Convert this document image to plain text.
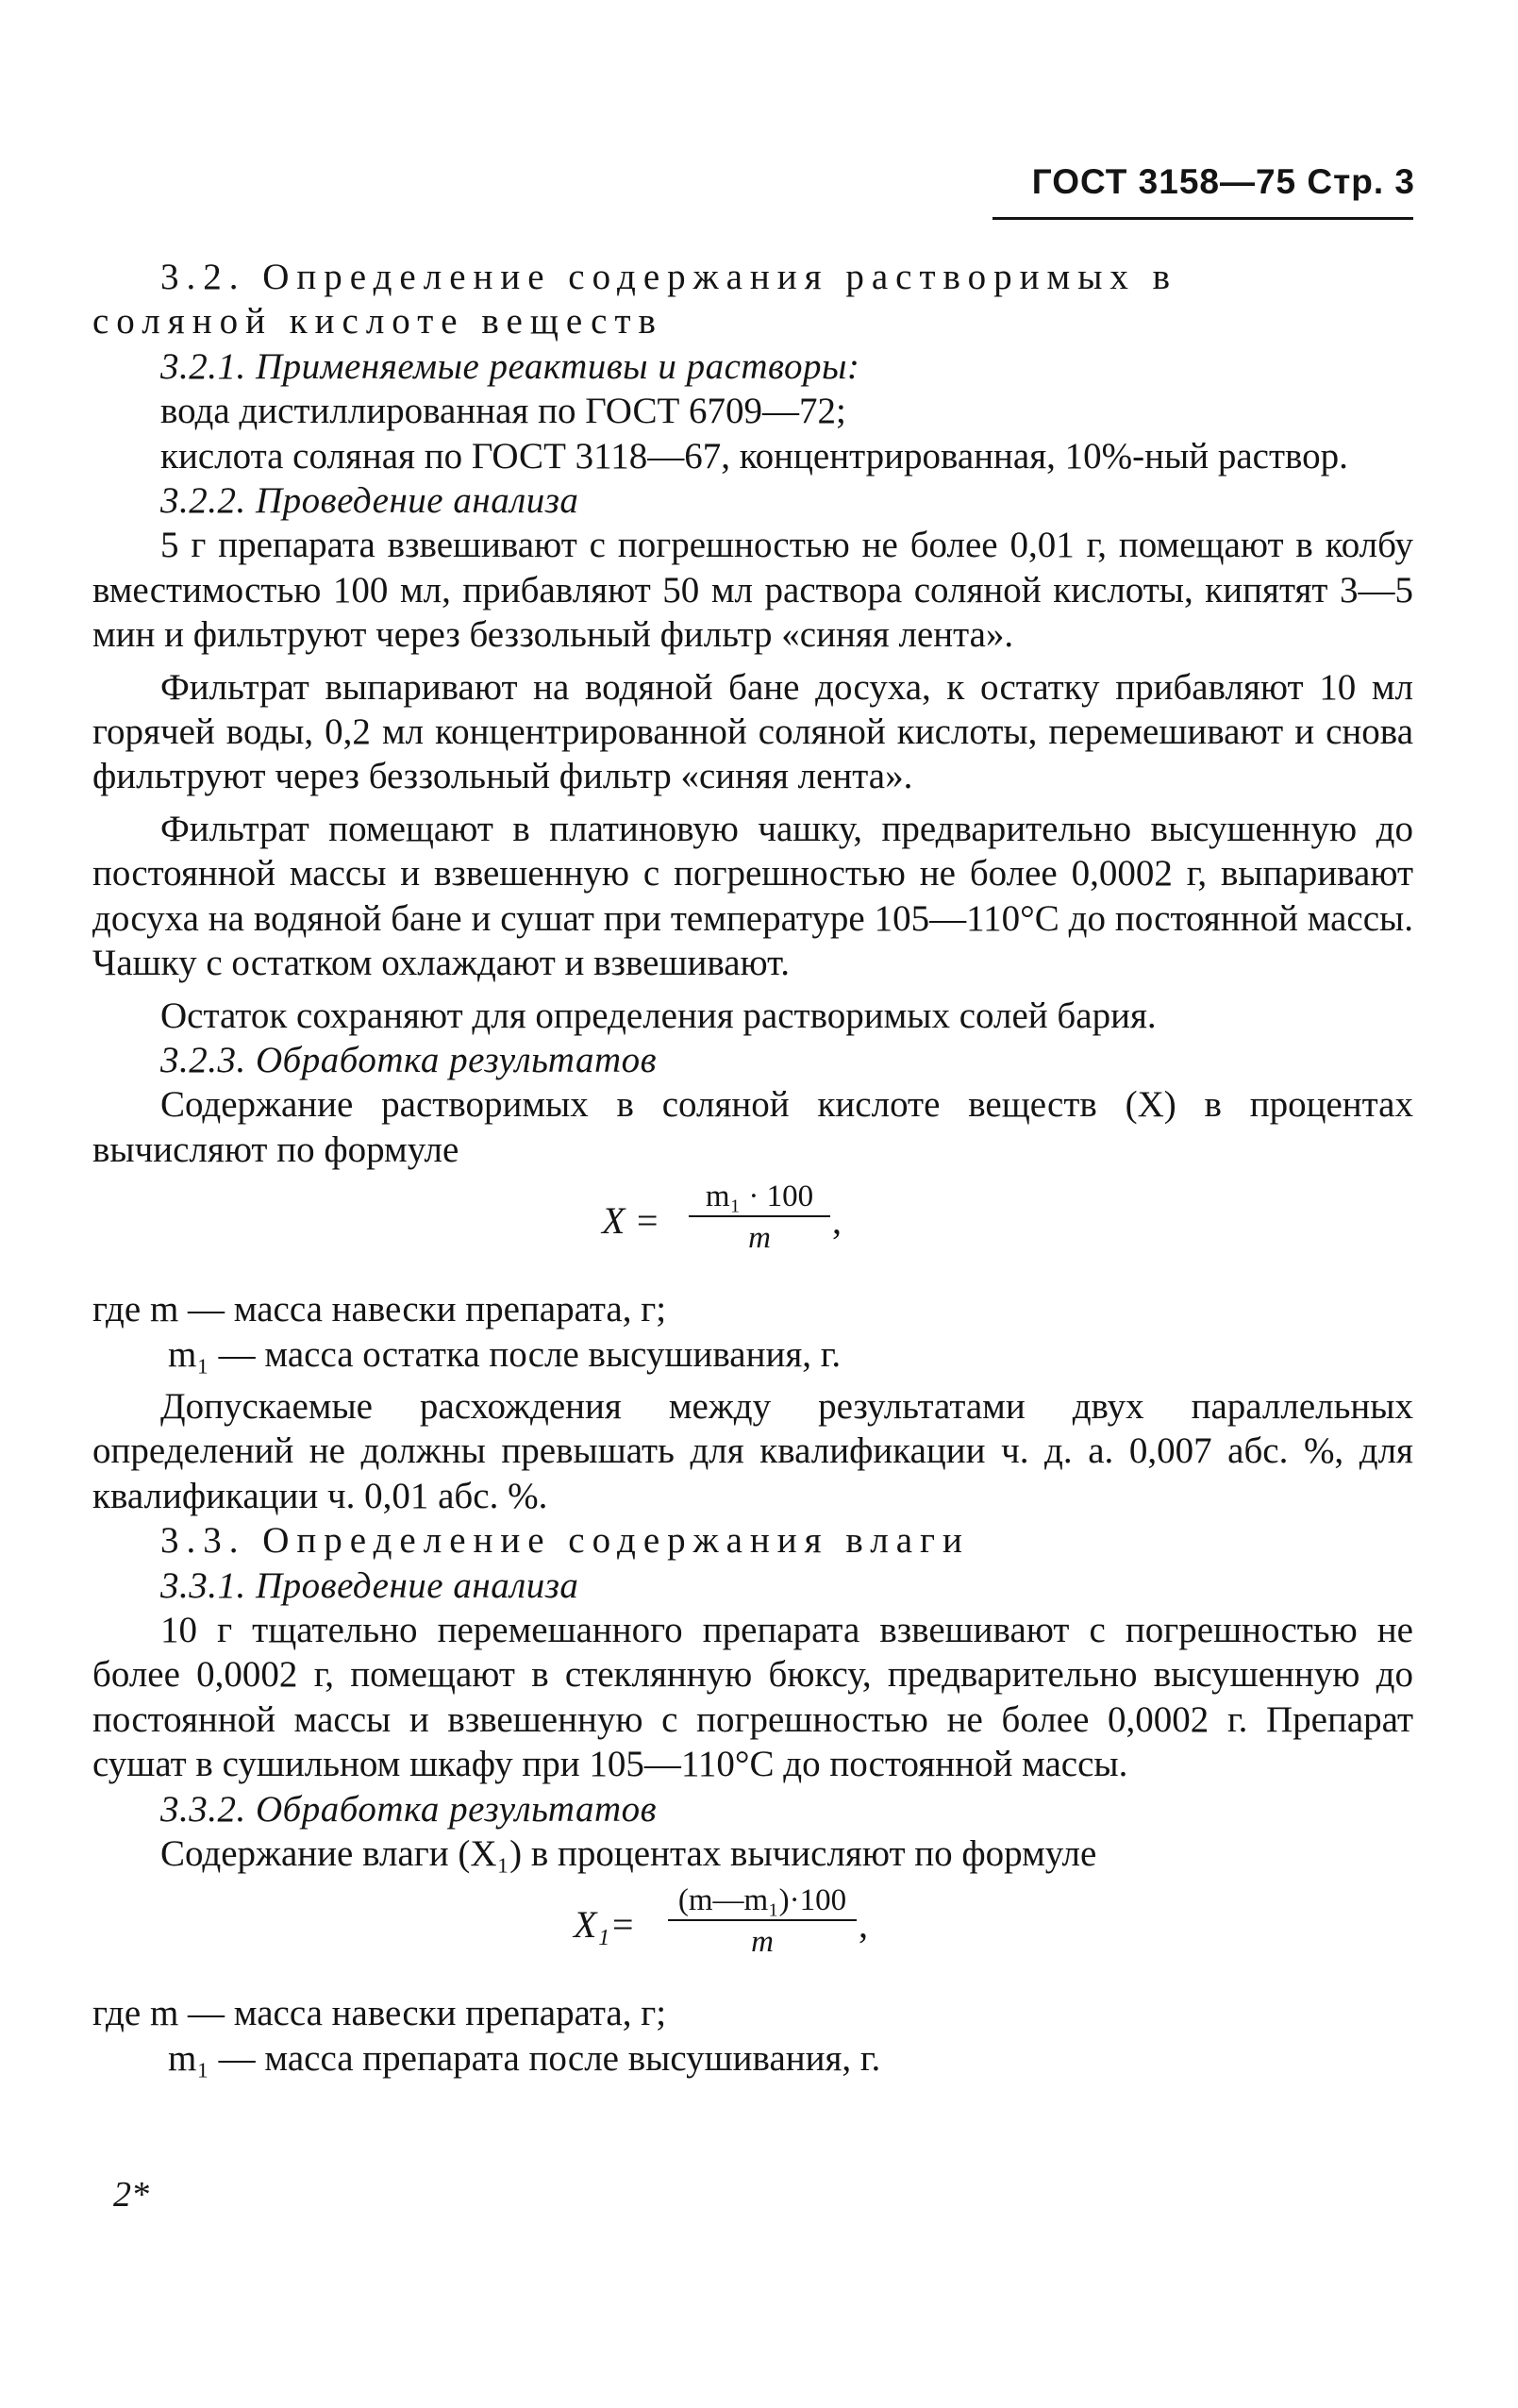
ГОСТ 3158—75 Стр. 3

3.2. Определение содержания растворимых в

соляной кислоте веществ

3.2.1. Применяемые реактивы и растворы:

вода дистиллированная по ГОСТ 6709—72;

кислота соляная по ГОСТ 3118—67, концентрированная, 10%-ный раствор.

3.2.2. Проведение анализа

5 г препарата взвешивают с погрешностью не более 0,01 г, помещают в колбу вместимостью 100 мл, прибавляют 50 мл раствора соляной кислоты, кипятят 3—5 мин и фильтруют через беззольный фильтр «синяя лента».

Фильтрат выпаривают на водяной бане досуха, к остатку прибавляют 10 мл горячей воды, 0,2 мл концентрированной соляной кислоты, перемешивают и снова фильтруют через беззольный фильтр «синяя лента».

Фильтрат помещают в платиновую чашку, предварительно высушенную до постоянной массы и взвешенную с погрешностью не более 0,0002 г, выпаривают досуха на водяной бане и сушат при температуре 105—110°С до постоянной массы. Чашку с остатком охлаждают и взвешивают.

Остаток сохраняют для определения растворимых солей бария.

3.2.3. Обработка результатов

Содержание растворимых в соляной кислоте веществ (X) в процентах вычисляют по формуле

X =
m₁ · 100
m	,

где m — масса навески препарата, г;

m₁ — масса остатка после высушивания, г.

Допускаемые расхождения между результатами двух параллельных определений не должны превышать для квалификации ч. д. а. 0,007 абс. %, для квалификации ч. 0,01 абс. %.

3.3. Определение содержания влаги

3.3.1. Проведение анализа

10 г тщательно перемешанного препарата взвешивают с погрешностью не более 0,0002 г, помещают в стеклянную бюксу, предварительно высушенную до постоянной массы и взвешенную с погрешностью не более 0,0002 г. Препарат сушат в сушильном шкафу при 105—110°С до постоянной массы.

3.3.2. Обработка результатов

Содержание влаги (X₁) в процентах вычисляют по формуле

X₁=
(m—m₁)·100
m	,

где m — масса навески препарата, г;

m₁ — масса препарата после высушивания, г.

2*
